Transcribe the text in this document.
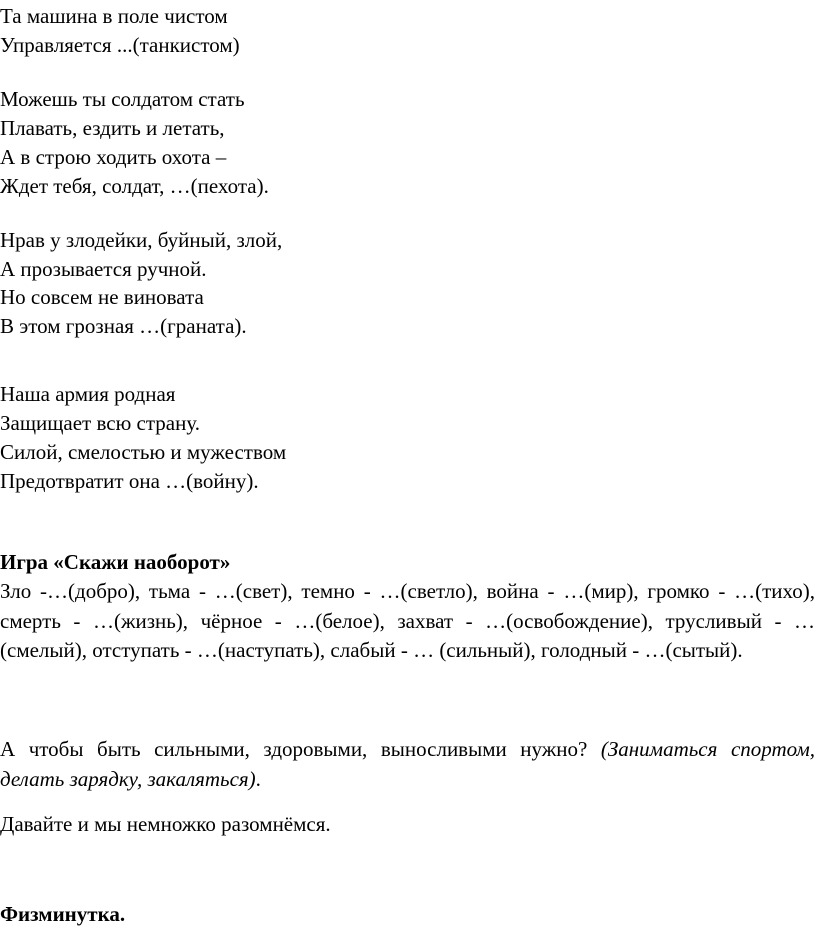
Та машина в поле чистом
Управляется ...(танкистом)
Можешь ты солдатом стать
Плавать, ездить и летать,
А в строю ходить охота –
Ждет тебя, солдат, …(пехота).
Нрав у злодейки, буйный, злой,
А прозывается ручной.
Но совсем не виновата
В этом грозная …(граната).
Наша армия родная
Защищает всю страну.
Силой, смелостью и мужеством
Предотвратит она …(войну).
Игра «Скажи наоборот»
Зло -…(добро), тьма - …(свет), темно - …(светло), война - …(мир), громко - …(тихо), смерть - …(жизнь), чёрное - …(белое), захват - …(освобождение), трусливый - …(смелый), отступать - …(наступать), слабый - … (сильный), голодный - …(сытый).
А чтобы быть сильными, здоровыми, выносливыми нужно? (Заниматься спортом, делать зарядку, закаляться).
Давайте и мы немножко разомнёмся.
Физминутка.
